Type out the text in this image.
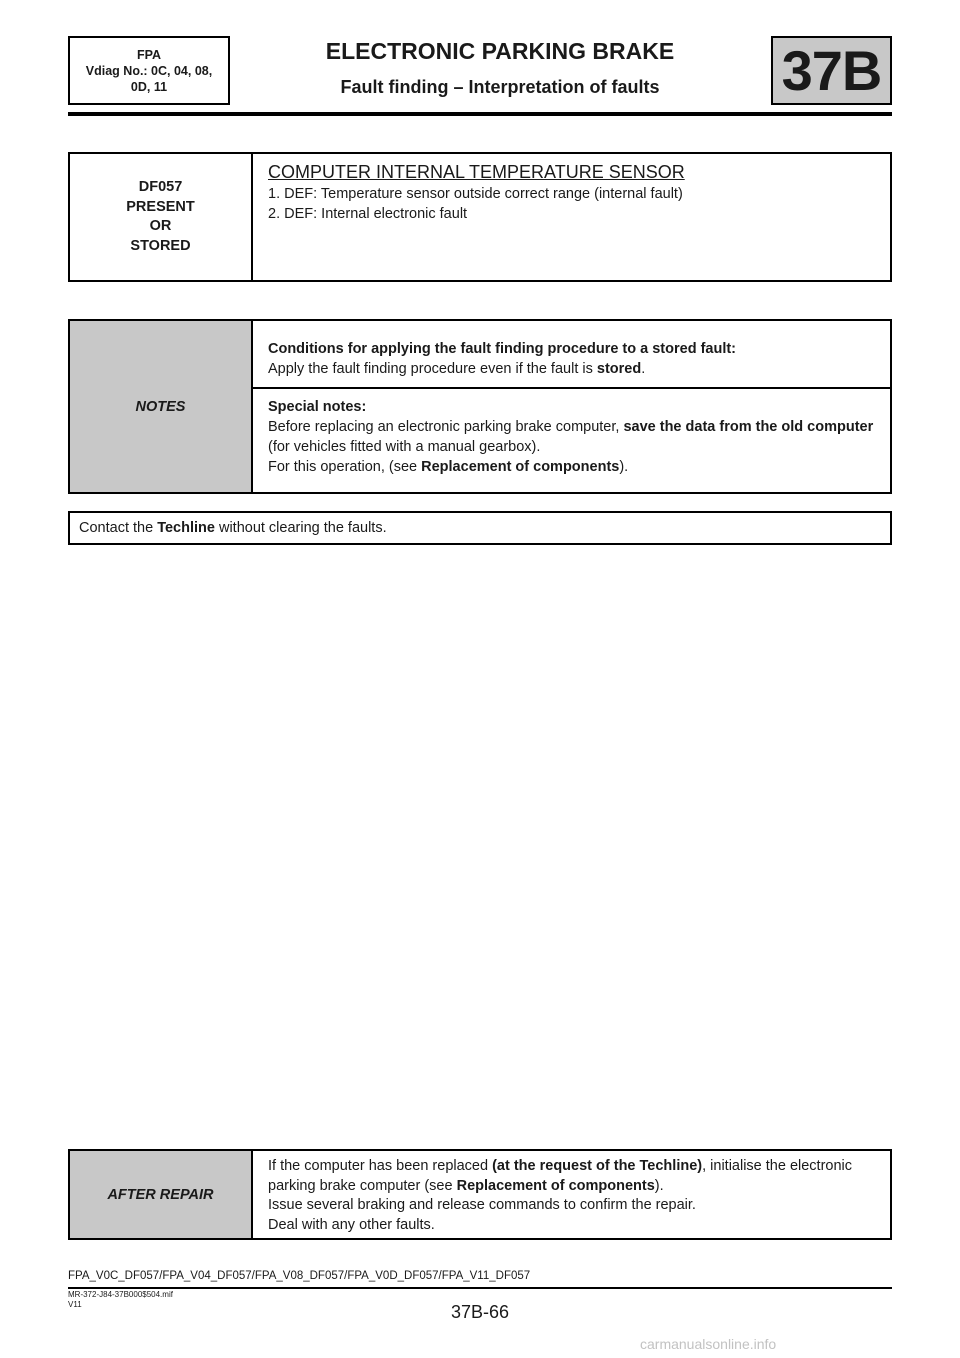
FPA
Vdiag No.: 0C, 04, 08,
0D, 11
ELECTRONIC PARKING BRAKE
Fault finding – Interpretation of faults	37B
DF057
PRESENT
OR
STORED
COMPUTER INTERNAL TEMPERATURE SENSOR
1. DEF: Temperature sensor outside correct range (internal fault)
2. DEF: Internal electronic fault
NOTES
Conditions for applying the fault finding procedure to a stored fault:
Apply the fault finding procedure even if the fault is stored.
Special notes:
Before replacing an electronic parking brake computer, save the data from the old computer (for vehicles fitted with a manual gearbox).
For this operation, (see Replacement of components).
Contact the Techline without clearing the faults.
AFTER REPAIR
If the computer has been replaced (at the request of the Techline), initialise the electronic parking brake computer (see Replacement of components).
Issue several braking and release commands to confirm the repair.
Deal with any other faults.
FPA_V0C_DF057/FPA_V04_DF057/FPA_V08_DF057/FPA_V0D_DF057/FPA_V11_DF057
MR-372-J84-37B000$504.mif
V11	37B-66
carmanualsonline.info
